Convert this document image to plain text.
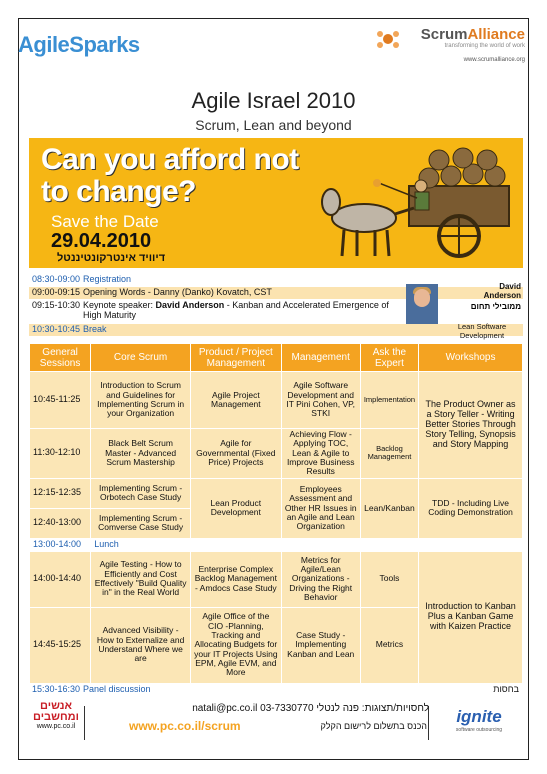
AgileSparks	ScrumAlliance
transforming the world of work
www.scrumalliance.org
Agile Israel 2010
Scrum, Lean and beyond
Can you afford not
to change?
Save the Date
29.04.2010
דיוויד אינטרקונטיננטל
08:30-09:00 Registration
09:00-09:15 Opening Words - Danny (Danko) Kovatch, CST
09:15-10:30 Keynote speaker: David Anderson - Kanban and Accelerated Emergence of High Maturity
10:30-10:45 Break
David
Anderson
ממובילי תחום
Lean Software
Development
General Sessions	Core Scrum	Product / Project Management	Management	Ask the Expert	Workshops
10:45-11:25	Introduction to Scrum and Guidelines for Implementing Scrum in your Organization	Agile Project Management	Agile Software Development and IT Pini Cohen, VP, STKI	Implementation	The Product Owner as a Story Teller - Writing Better Stories Through Story Telling, Synopsis and Story Mapping
11:30-12:10	Black Belt Scrum Master - Advanced Scrum Mastership	Agile for Governmental (Fixed Price) Projects	Achieving Flow - Applying TOC, Lean & Agile to Improve Business Results	Backlog Management	
12:15-12:35	Implementing Scrum - Orbotech Case Study	Lean Product Development	Employees Assessment and Other HR Issues in an Agile and Lean Organization	Lean/Kanban	TDD - Including Live Coding Demonstration
12:40-13:00	Implementing Scrum - Comverse Case Study				
13:00-14:00	Lunch				
14:00-14:40	Agile Testing - How to Efficiently and Cost Effectively "Build Quality in" in the Real World	Enterprise Complex Backlog Management - Amdocs Case Study	Metrics for Agile/Lean Organizations - Driving the Right Behavior	Tools	Introduction to Kanban Plus a Kanban Game with Kaizen Practice
14:45-15:25	Advanced Visibility - How to Externalize and Understand Where we are	Agile Office of the CIO -Planning, Tracking and Allocating Budgets for your IT Projects Using EPM, Agile EVM, and More	Case Study - Implementing Kanban and Lean	Metrics	
15:30-16:30 Panel discussion	בחסות
אנשים ומחשבים
www.pc.co.il
natali@pc.co.il 03-7330770 לחסויות/תצוגות: פנה לנטלי
www.pc.co.il/scrum	הכנס בתשלום לרישום הקלק	ignite
software outsourcing
